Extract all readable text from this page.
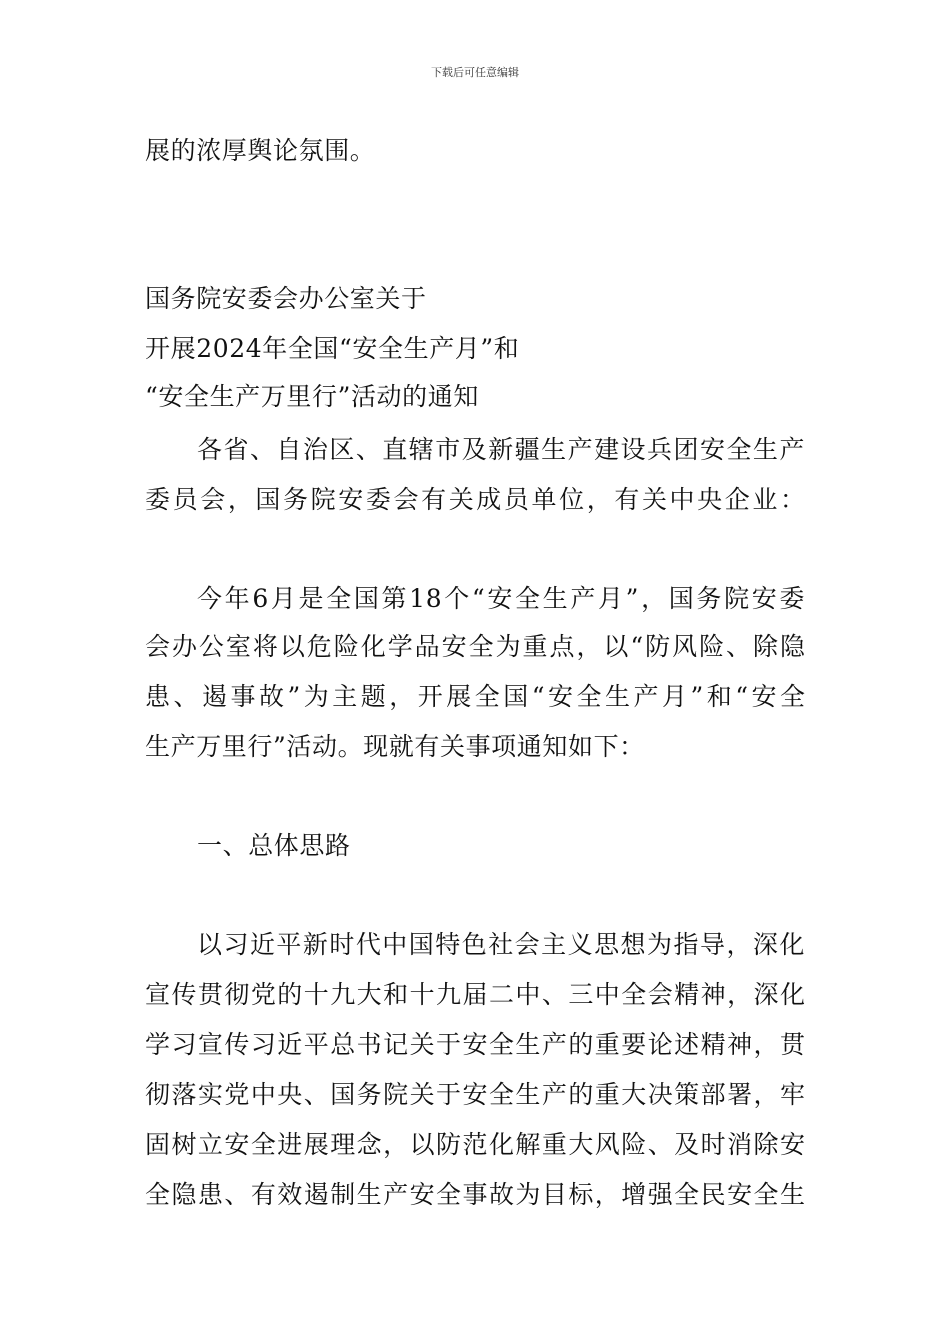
下载后可任意编辑
展的浓厚舆论氛围。
国务院安委会办公室关于
开展2024年全国“安全生产月”和
“安全生产万里行”活动的通知
各省、自治区、直辖市及新疆生产建设兵团安全生产
委员会，国务院安委会有关成员单位，有关中央企业：
今年6月是全国第18个“安全生产月”，国务院安委
会办公室将以危险化学品安全为重点，以“防风险、除隐
患、遏事故”为主题，开展全国“安全生产月”和“安全
生产万里行”活动。现就有关事项通知如下：
一、总体思路
以习近平新时代中国特色社会主义思想为指导，深化
宣传贯彻党的十九大和十九届二中、三中全会精神，深化
学习宣传习近平总书记关于安全生产的重要论述精神，贯
彻落实党中央、国务院关于安全生产的重大决策部署，牢
固树立安全进展理念，以防范化解重大风险、及时消除安
全隐患、有效遏制生产安全事故为目标，增强全民安全生
